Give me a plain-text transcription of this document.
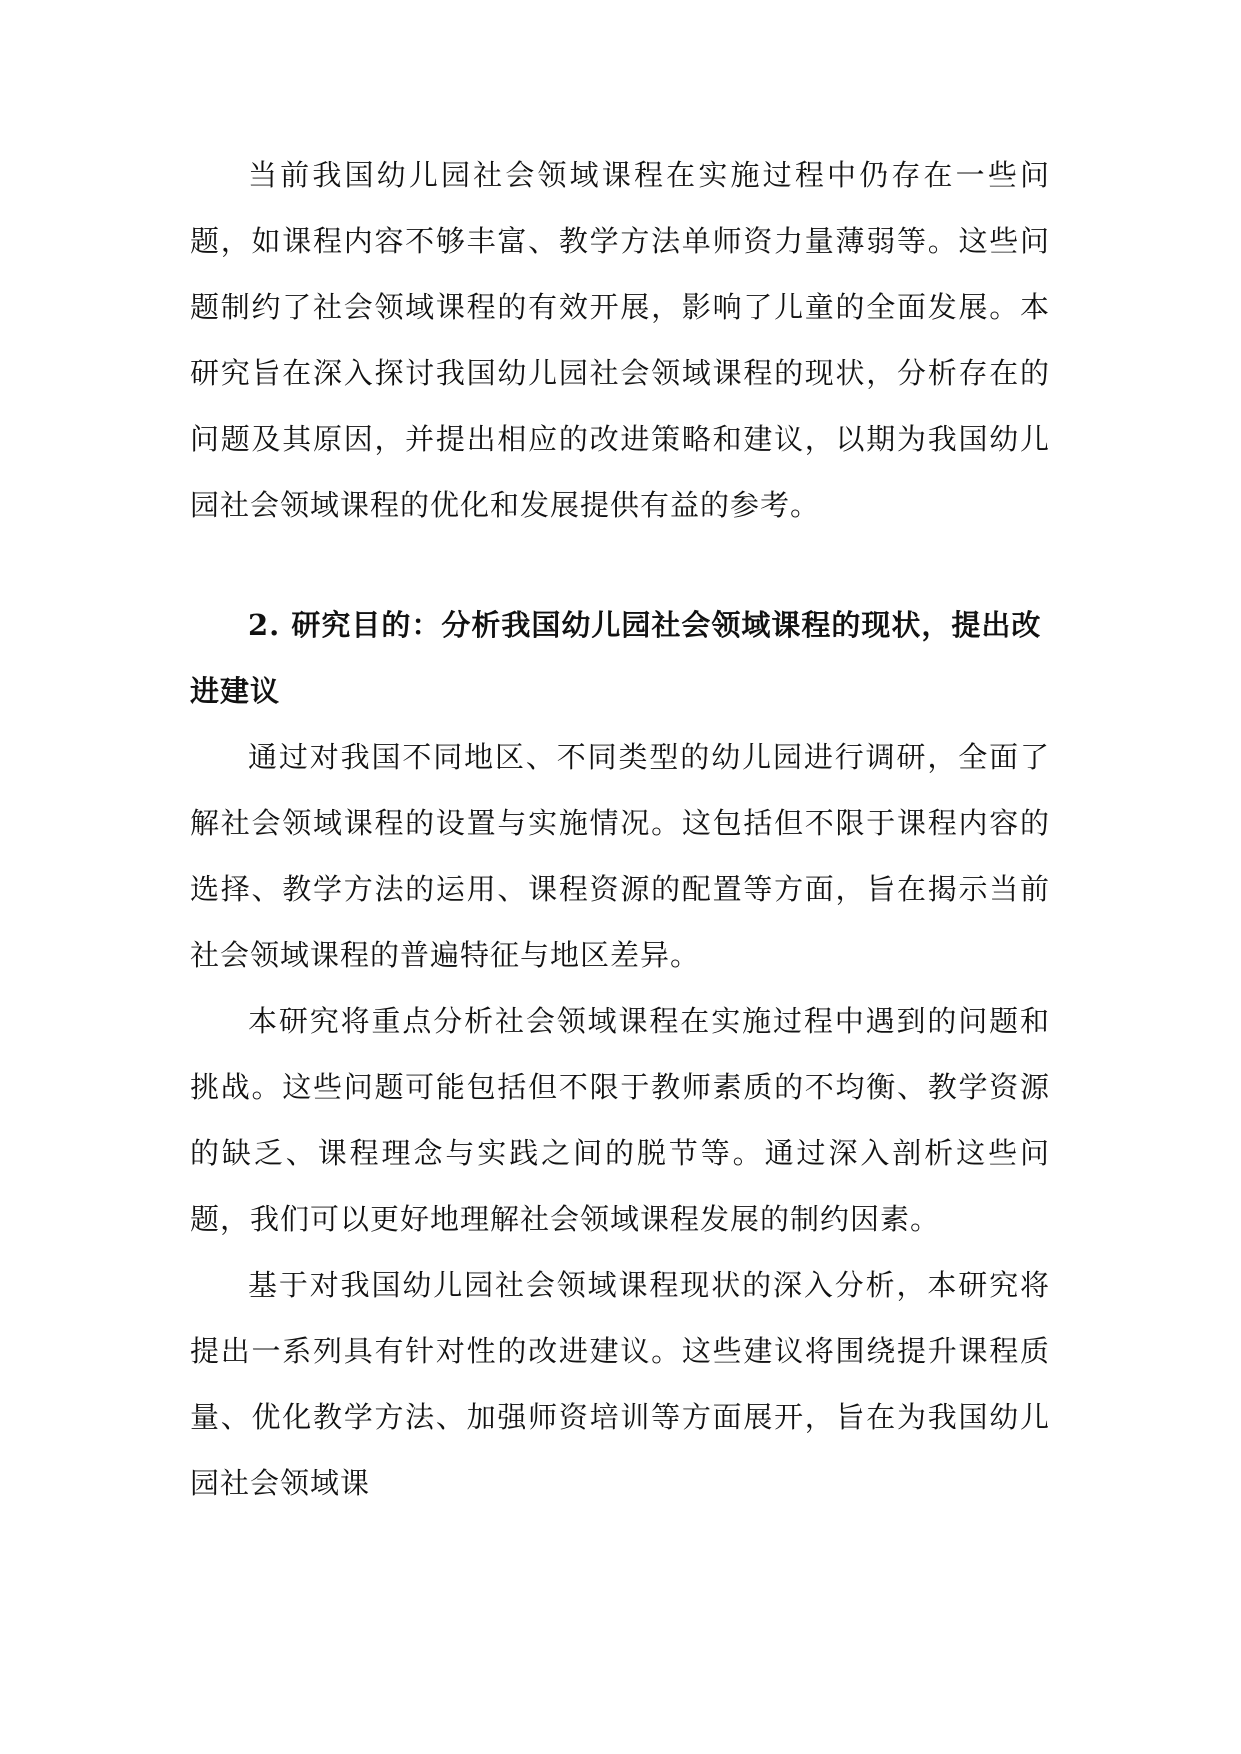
当前我国幼儿园社会领域课程在实施过程中仍存在一些问题，如课程内容不够丰富、教学方法单师资力量薄弱等。这些问题制约了社会领域课程的有效开展，影响了儿童的全面发展。本研究旨在深入探讨我国幼儿园社会领域课程的现状，分析存在的问题及其原因，并提出相应的改进策略和建议，以期为我国幼儿园社会领域课程的优化和发展提供有益的参考。

2. 研究目的：分析我国幼儿园社会领域课程的现状，提出改进建议

通过对我国不同地区、不同类型的幼儿园进行调研，全面了解社会领域课程的设置与实施情况。这包括但不限于课程内容的选择、教学方法的运用、课程资源的配置等方面，旨在揭示当前社会领域课程的普遍特征与地区差异。

本研究将重点分析社会领域课程在实施过程中遇到的问题和挑战。这些问题可能包括但不限于教师素质的不均衡、教学资源的缺乏、课程理念与实践之间的脱节等。通过深入剖析这些问题，我们可以更好地理解社会领域课程发展的制约因素。

基于对我国幼儿园社会领域课程现状的深入分析，本研究将提出一系列具有针对性的改进建议。这些建议将围绕提升课程质量、优化教学方法、加强师资培训等方面展开，旨在为我国幼儿园社会领域课
